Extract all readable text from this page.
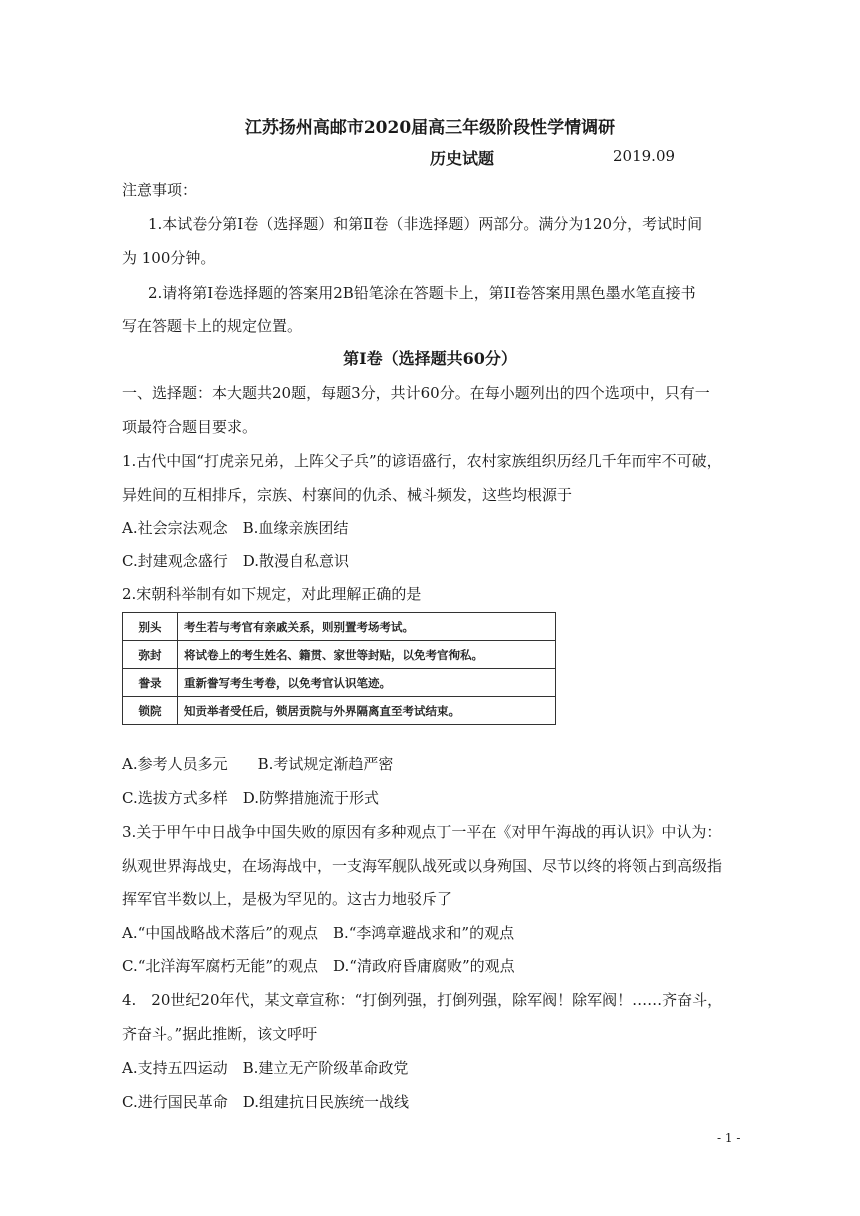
江苏扬州高邮市2020届高三年级阶段性学情调研
历史试题	2019.09
注意事项：
1.本试卷分第Ⅰ卷（选择题）和第Ⅱ卷（非选择题）两部分。满分为120分，考试时间
为 100分钟。
2.请将第Ⅰ卷选择题的答案用2B铅笔涂在答题卡上，第II卷答案用黑色墨水笔直接书
写在答题卡上的规定位置。
第Ⅰ卷（选择题共60分）
一、选择题：本大题共20题，每题3分，共计60分。在每小题列出的四个选项中，只有一
项最符合题目要求。
1.古代中国“打虎亲兄弟，上阵父子兵”的谚语盛行，农村家族组织历经几千年而牢不可破，
异姓间的互相排斥，宗族、村寨间的仇杀、械斗频发，这些均根源于
A.社会宗法观念　B.血缘亲族团结
C.封建观念盛行　D.散漫自私意识
2.宋朝科举制有如下规定，对此理解正确的是
别头	考生若与考官有亲戚关系，则别置考场考试。
弥封	将试卷上的考生姓名、籍贯、家世等封贴，以免考官徇私。
誊录	重新誊写考生考卷，以免考官认识笔迹。
锁院	知贡举者受任后，锁居贡院与外界隔离直至考试结束。
A.参考人员多元　　B.考试规定渐趋严密
C.选拔方式多样　D.防弊措施流于形式
3.关于甲午中日战争中国失败的原因有多种观点丁一平在《对甲午海战的再认识》中认为：
纵观世界海战史，在场海战中，一支海军舰队战死或以身殉国、尽节以终的将领占到高级指
挥军官半数以上，是极为罕见的。这古力地驳斥了
A.“中国战略战术落后”的观点　B.“李鸿章避战求和”的观点
C.“北洋海军腐朽无能”的观点　D.“清政府昏庸腐败”的观点
4.　20世纪20年代，某文章宣称：“打倒列强，打倒列强，除军阀！除军阀！……齐奋斗，
齐奋斗。”据此推断，该文呼吁
A.支持五四运动　B.建立无产阶级革命政党
C.进行国民革命　D.组建抗日民族统一战线
- 1 -
